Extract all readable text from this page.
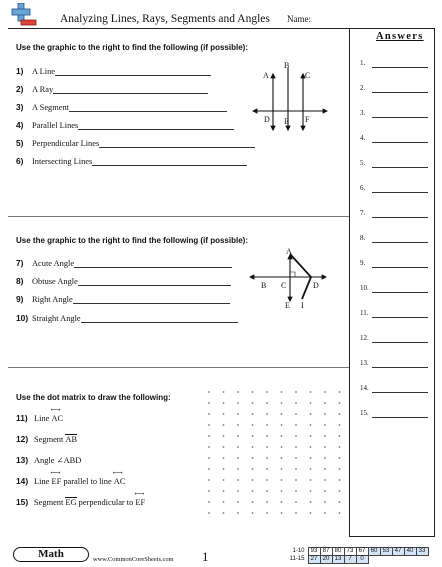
Analyzing Lines, Rays, Segments and Angles Name:
Answers
1.
2.
3.
4.
5.
6.
7.
8.
9.
10.
11.
12.
13.
14.
15.
Use the graphic to the right to find the following (if possible):
1) A Line
2) A Ray
3) A Segment
4) Parallel Lines
5) Perpendicular Lines
6) Intersecting Lines
A
B
C
D E F
Use the graphic to the right to find the following (if possible):
7) Acute Angle
8) Obtuse Angle
9) Right Angle
10) Straight Angle
A
B C	D
E I
Use the dot matrix to draw the following:
11) Line ⟷ AC
12) Segment AB
13) Angle ∠ABD
14) Line ⟷ EF parallel to line ⟷ AC
15) Segment EG perpendicular to ⟷ EF
Math	www.CommonCoreSheets.com 1	1-10	93	87	80	73	67	60	53	47	40	33
11-15	27	20	13	7	0					
